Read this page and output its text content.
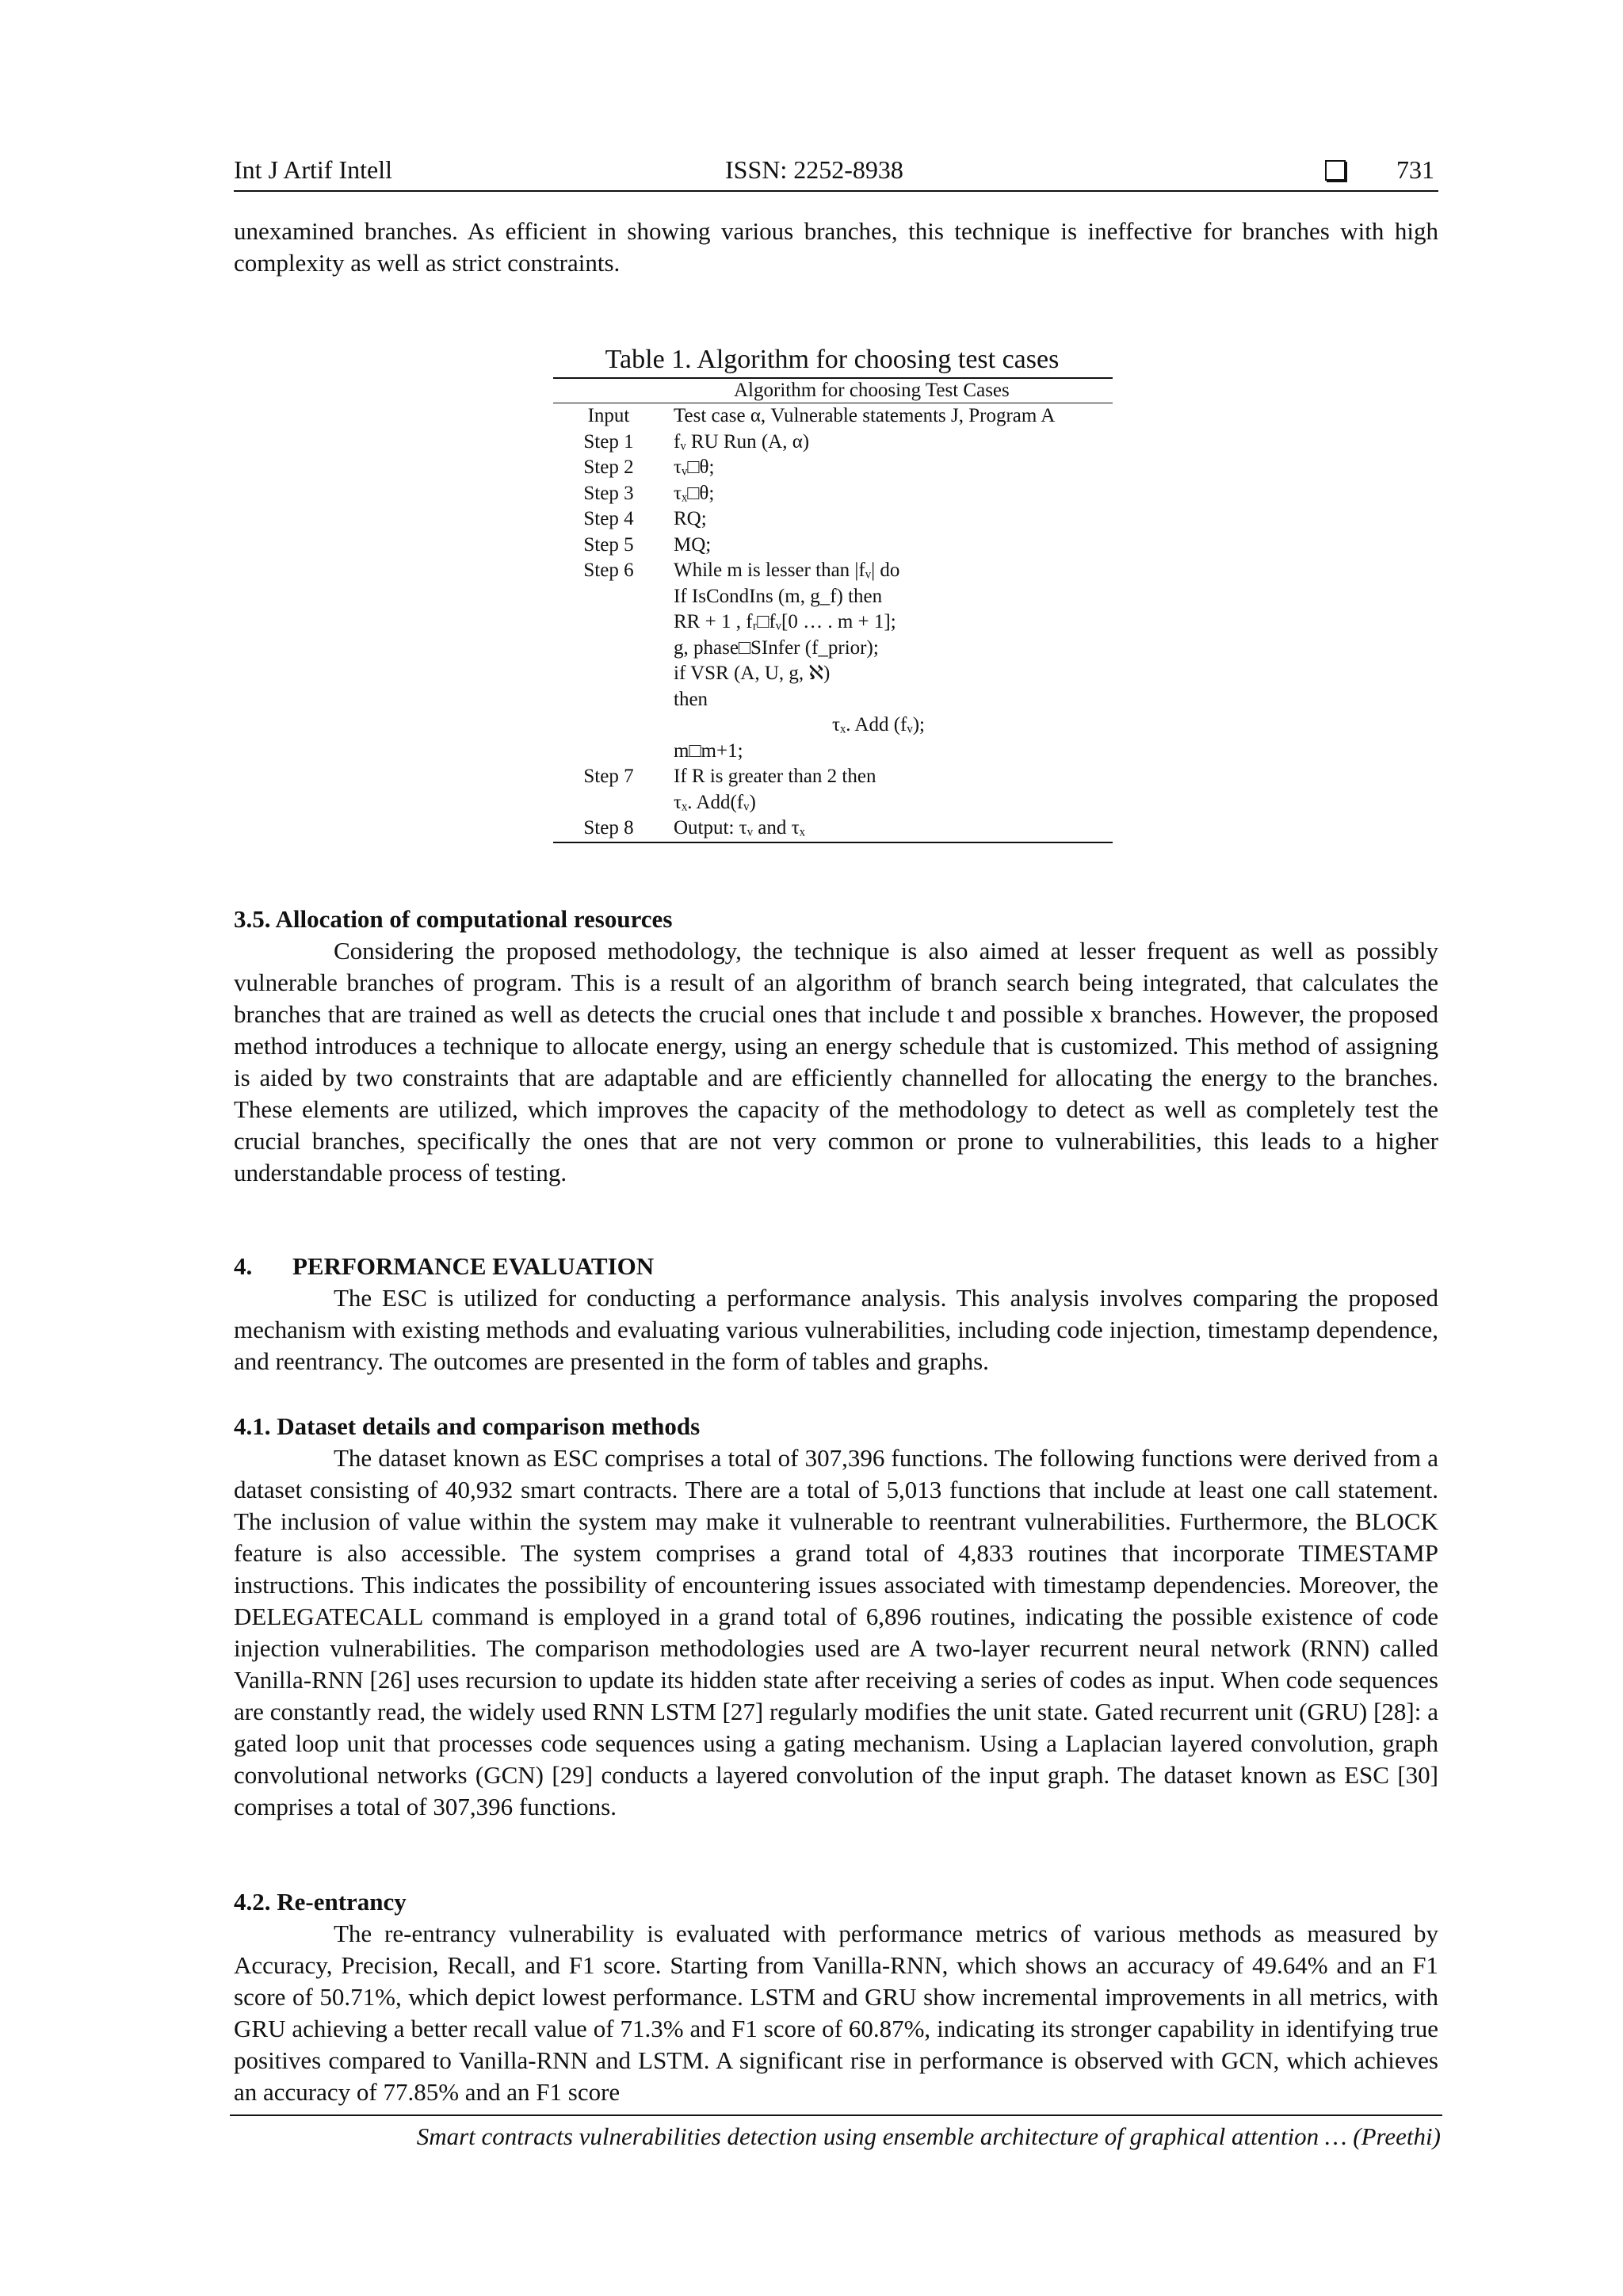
Int J Artif Intell	ISSN: 2252-8938	731

unexamined branches. As efficient in showing various branches, this technique is ineffective for branches with high complexity as well as strict constraints.

Table 1. Algorithm for choosing test cases
Algorithm for choosing Test Cases
Input	Test case α, Vulnerable statements J, Program A
Step 1	fᵥ RU Run (A, α)
Step 2	τᵥ□θ;
Step 3	τₓ□θ;
Step 4	RQ;
Step 5	MQ;
Step 6	While m is lesser than |fᵥ| do
If IsCondIns (m, g_f) then
RR + 1 , fᵣ□fᵥ[0 … . m + 1];
g, phase□SInfer (f_prior);
if VSR (A, U, g, ℵ)
then
τₓ. Add (fᵥ);
m□m+1;
Step 7	If R is greater than 2 then
τₓ. Add(fᵥ)
Step 8	Output: τᵥ and τₓ
3.5. Allocation of computational resources

Considering the proposed methodology, the technique is also aimed at lesser frequent as well as possibly vulnerable branches of program. This is a result of an algorithm of branch search being integrated, that calculates the branches that are trained as well as detects the crucial ones that include t and possible x branches. However, the proposed method introduces a technique to allocate energy, using an energy schedule that is customized. This method of assigning is aided by two constraints that are adaptable and are efficiently channelled for allocating the energy to the branches. These elements are utilized, which improves the capacity of the methodology to detect as well as completely test the crucial branches, specifically the ones that are not very common or prone to vulnerabilities, this leads to a higher understandable process of testing.

4. PERFORMANCE EVALUATION

The ESC is utilized for conducting a performance analysis. This analysis involves comparing the proposed mechanism with existing methods and evaluating various vulnerabilities, including code injection, timestamp dependence, and reentrancy. The outcomes are presented in the form of tables and graphs.

4.1. Dataset details and comparison methods

The dataset known as ESC comprises a total of 307,396 functions. The following functions were derived from a dataset consisting of 40,932 smart contracts. There are a total of 5,013 functions that include at least one call statement. The inclusion of value within the system may make it vulnerable to reentrant vulnerabilities. Furthermore, the BLOCK feature is also accessible. The system comprises a grand total of 4,833 routines that incorporate TIMESTAMP instructions. This indicates the possibility of encountering issues associated with timestamp dependencies. Moreover, the DELEGATECALL command is employed in a grand total of 6,896 routines, indicating the possible existence of code injection vulnerabilities. The comparison methodologies used are A two-layer recurrent neural network (RNN) called Vanilla-RNN [26] uses recursion to update its hidden state after receiving a series of codes as input. When code sequences are constantly read, the widely used RNN LSTM [27] regularly modifies the unit state. Gated recurrent unit (GRU) [28]: a gated loop unit that processes code sequences using a gating mechanism. Using a Laplacian layered convolution, graph convolutional networks (GCN) [29] conducts a layered convolution of the input graph. The dataset known as ESC [30] comprises a total of 307,396 functions.

4.2. Re-entrancy

The re-entrancy vulnerability is evaluated with performance metrics of various methods as measured by Accuracy, Precision, Recall, and F1 score. Starting from Vanilla-RNN, which shows an accuracy of 49.64% and an F1 score of 50.71%, which depict lowest performance. LSTM and GRU show incremental improvements in all metrics, with GRU achieving a better recall value of 71.3% and F1 score of 60.87%, indicating its stronger capability in identifying true positives compared to Vanilla-RNN and LSTM. A significant rise in performance is observed with GCN, which achieves an accuracy of 77.85% and an F1 score

Smart contracts vulnerabilities detection using ensemble architecture of graphical attention … (Preethi)
